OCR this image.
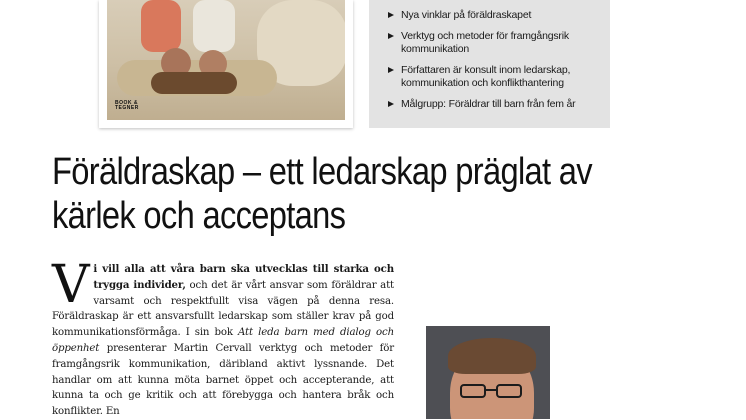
BOOK &
TEGNER
Nya vinklar på föräldraskapet
Verktyg och metoder för framgångsrik kommunikation
Författaren är konsult inom ledarskap, kommunikation och konflikthantering
Målgrupp: Föräldrar till barn från fem år
Föräldraskap – ett ledarskap präglat av kärlek och acceptans

Vi vill alla att våra barn ska utvecklas till starka och trygga individer, och det är vårt ansvar som föräldrar att varsamt och respektfullt visa vägen på denna resa. Föräldraskap är ett ansvarsfullt ledarskap som ställer krav på god kommunikationsförmåga. I sin bok Att leda barn med dialog och öppenhet presenterar Martin Cervall verktyg och metoder för framgångsrik kommunikation, däribland aktivt lyssnande. Det handlar om att kunna möta barnet öppet och accepterande, att kunna ta och ge kritik och att förebygga och hantera bråk och konflikter. En
